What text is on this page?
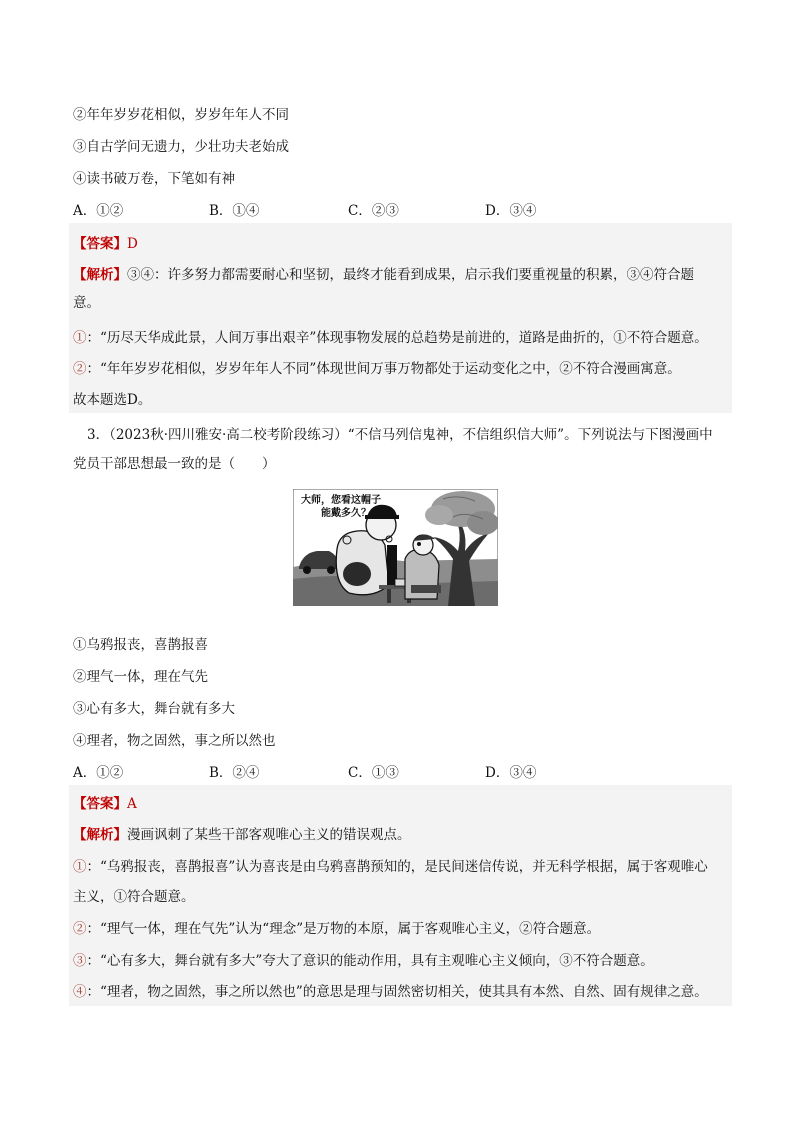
②年年岁岁花相似，岁岁年年人不同
③自古学问无遗力，少壮功夫老始成
④读书破万卷，下笔如有神
A．①②	B．①④	C．②③	D．③④
【答案】D
【解析】③④：许多努力都需要耐心和坚韧，最终才能看到成果，启示我们要重视量的积累，③④符合题
意。
①：“历尽天华成此景，人间万事出艰辛”体现事物发展的总趋势是前进的，道路是曲折的，①不符合题意。
②：“年年岁岁花相似，岁岁年年人不同”体现世间万事万物都处于运动变化之中，②不符合漫画寓意。
故本题选D。
3．（2023秋·四川雅安·高二校考阶段练习）“不信马列信鬼神，不信组织信大师”。下列说法与下图漫画中
党员干部思想最一致的是（　　）
大师，您看这帽子
能戴多久？
①乌鸦报丧，喜鹊报喜
②理气一体，理在气先
③心有多大，舞台就有多大
④理者，物之固然，事之所以然也
A．①②	B．②④	C．①③	D．③④
【答案】A
【解析】漫画讽刺了某些干部客观唯心主义的错误观点。
①：“乌鸦报丧，喜鹊报喜”认为喜丧是由乌鸦喜鹊预知的，是民间迷信传说，并无科学根据，属于客观唯心
主义，①符合题意。
②：“理气一体，理在气先”认为“理念”是万物的本原，属于客观唯心主义，②符合题意。
③：“心有多大，舞台就有多大”夸大了意识的能动作用，具有主观唯心主义倾向，③不符合题意。
④：“理者，物之固然，事之所以然也”的意思是理与固然密切相关，使其具有本然、自然、固有规律之意。
